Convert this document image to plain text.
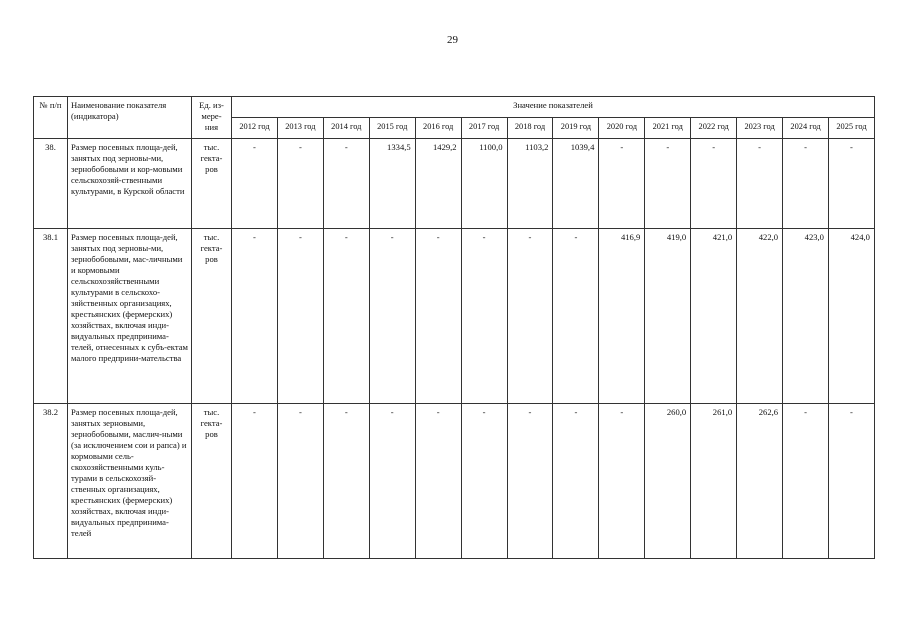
29
№ п/п	Наименование показателя (индикатора)	Ед. из-мере-ния	Значение показателей													
			2012 год	2013 год	2014 год	2015 год	2016 год	2017 год	2018 год	2019 год	2020 год	2021 год	2022 год	2023 год	2024 год	2025 год
38.	Размер посевных площа-дей, занятых под зерновы-ми, зернобобовыми и кор-мовыми сельскохозяй-ственными культурами, в Курской области	тыс. гекта-ров	-	-	-	1334,5	1429,2	1100,0	1103,2	1039,4	-	-	-	-	-	-
38.1	Размер посевных площа-дей, занятых под зерновы-ми, зернобобовыми, мас-личными и кормовыми сельскохозяйственными культурами в сельскохо-зяйственных организациях, крестьянских (фермерских) хозяйствах, включая инди-видуальных предпринима-телей, отнесенных к субъ-ектам малого предприни-мательства	тыс. гекта-ров	-	-	-	-	-	-	-	-	416,9	419,0	421,0	422,0	423,0	424,0
38.2	Размер посевных площа-дей, занятых зерновыми, зернобобовыми, маслич-ными (за исключением сои и рапса) и кормовыми сель-скохозяйственными куль-турами в сельскохозяй-ственных организациях, крестьянских (фермерских) хозяйствах, включая инди-видуальных предпринима-телей	тыс. гекта-ров	-	-	-	-	-	-	-	-	-	260,0	261,0	262,6	-	-
